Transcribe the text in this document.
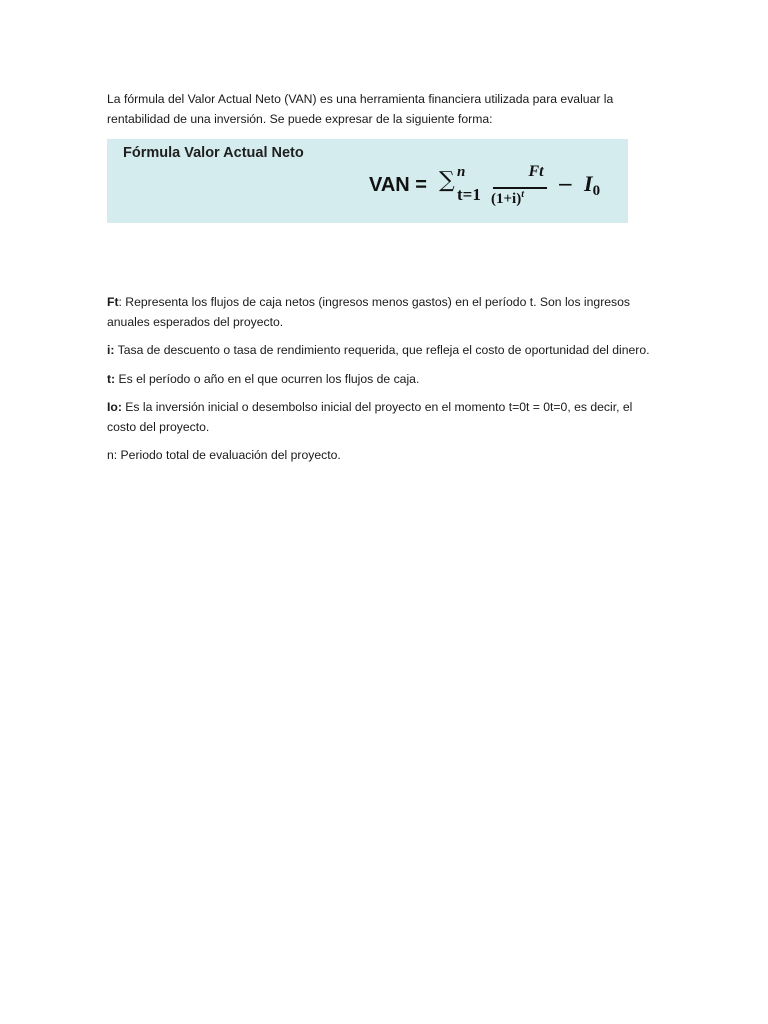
La fórmula del Valor Actual Neto (VAN) es una herramienta financiera utilizada para evaluar la rentabilidad de una inversión. Se puede expresar de la siguiente forma:

Fórmula Valor Actual Neto
VAN = ∑ n
t=1
Ft
$(1+i)^t - I_0$

Ft: Representa los flujos de caja netos (ingresos menos gastos) en el período t. Son los ingresos anuales esperados del proyecto.

i: Tasa de descuento o tasa de rendimiento requerida, que refleja el costo de oportunidad del dinero.

t: Es el período o año en el que ocurren los flujos de caja.

Io: Es la inversión inicial o desembolso inicial del proyecto en el momento t=0t = 0t=0, es decir, el costo del proyecto.

n: Periodo total de evaluación del proyecto.
